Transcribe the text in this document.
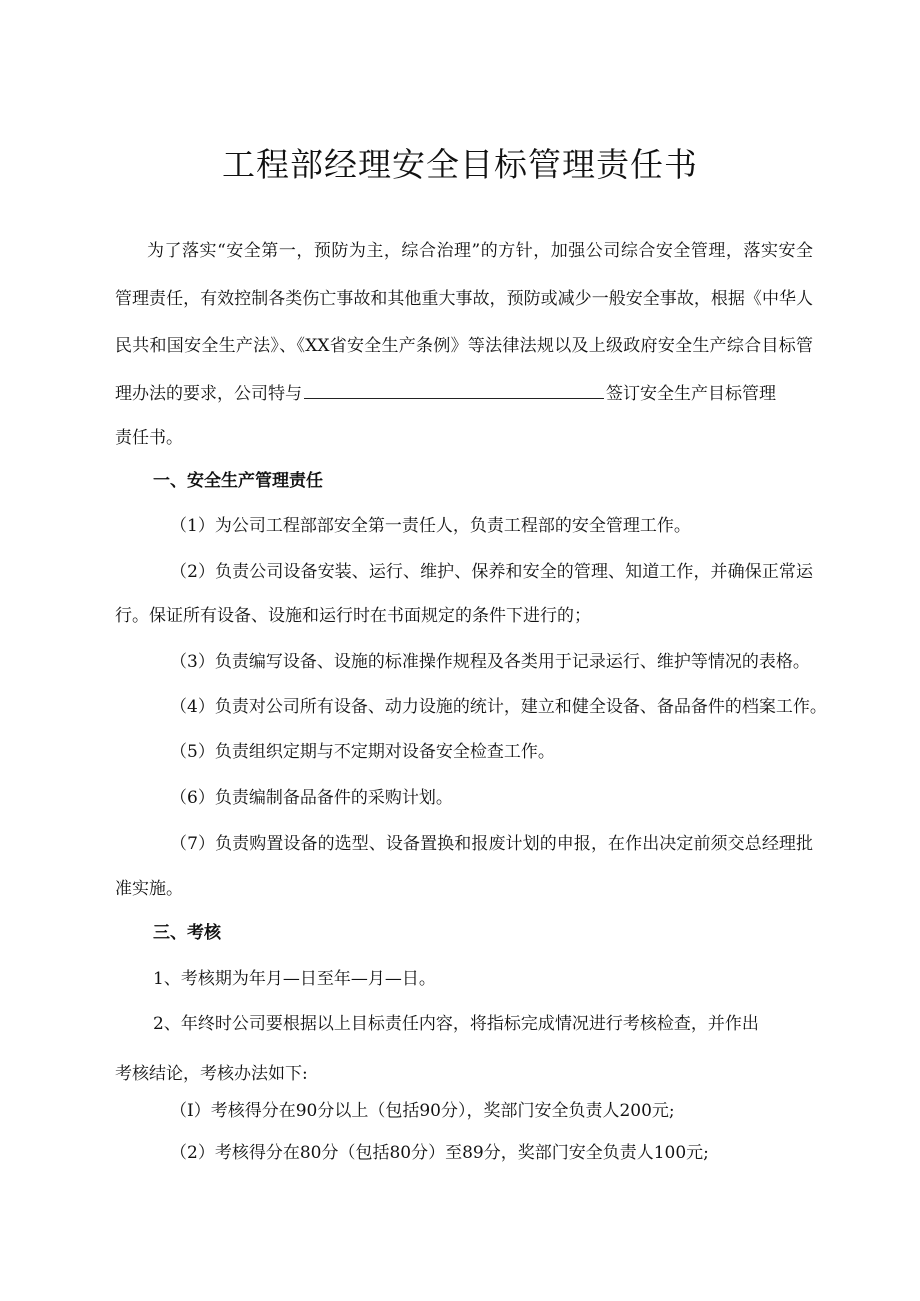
工程部经理安全目标管理责任书
为了落实“安全第一，预防为主，综合治理”的方针，加强公司综合安全管理，落实安全
管理责任，有效控制各类伤亡事故和其他重大事故，预防或减少一般安全事故，根据《中华人
民共和国安全生产法》、《XX省安全生产条例》等法律法规以及上级政府安全生产综合目标管
理办法的要求，公司特与	签订安全生产目标管理
责任书。
一、安全生产管理责任
（1）为公司工程部部安全第一责任人，负责工程部的安全管理工作。
（2）负责公司设备安装、运行、维护、保养和安全的管理、知道工作，并确保正常运
行。保证所有设备、设施和运行时在书面规定的条件下进行的；
（3）负责编写设备、设施的标准操作规程及各类用于记录运行、维护等情况的表格。
（4）负责对公司所有设备、动力设施的统计，建立和健全设备、备品备件的档案工作。
（5）负责组织定期与不定期对设备安全检查工作。
（6）负责编制备品备件的采购计划。
（7）负责购置设备的选型、设备置换和报废计划的申报，在作出决定前须交总经理批
准实施。
三、考核
1、考核期为年月—日至年—月—日。
2、年终时公司要根据以上目标责任内容，将指标完成情况进行考核检查，并作出
考核结论，考核办法如下:
（I）考核得分在90分以上（包括90分），奖部门安全负责人200元;
（2）考核得分在80分（包括80分）至89分，奖部门安全负责人100元;
